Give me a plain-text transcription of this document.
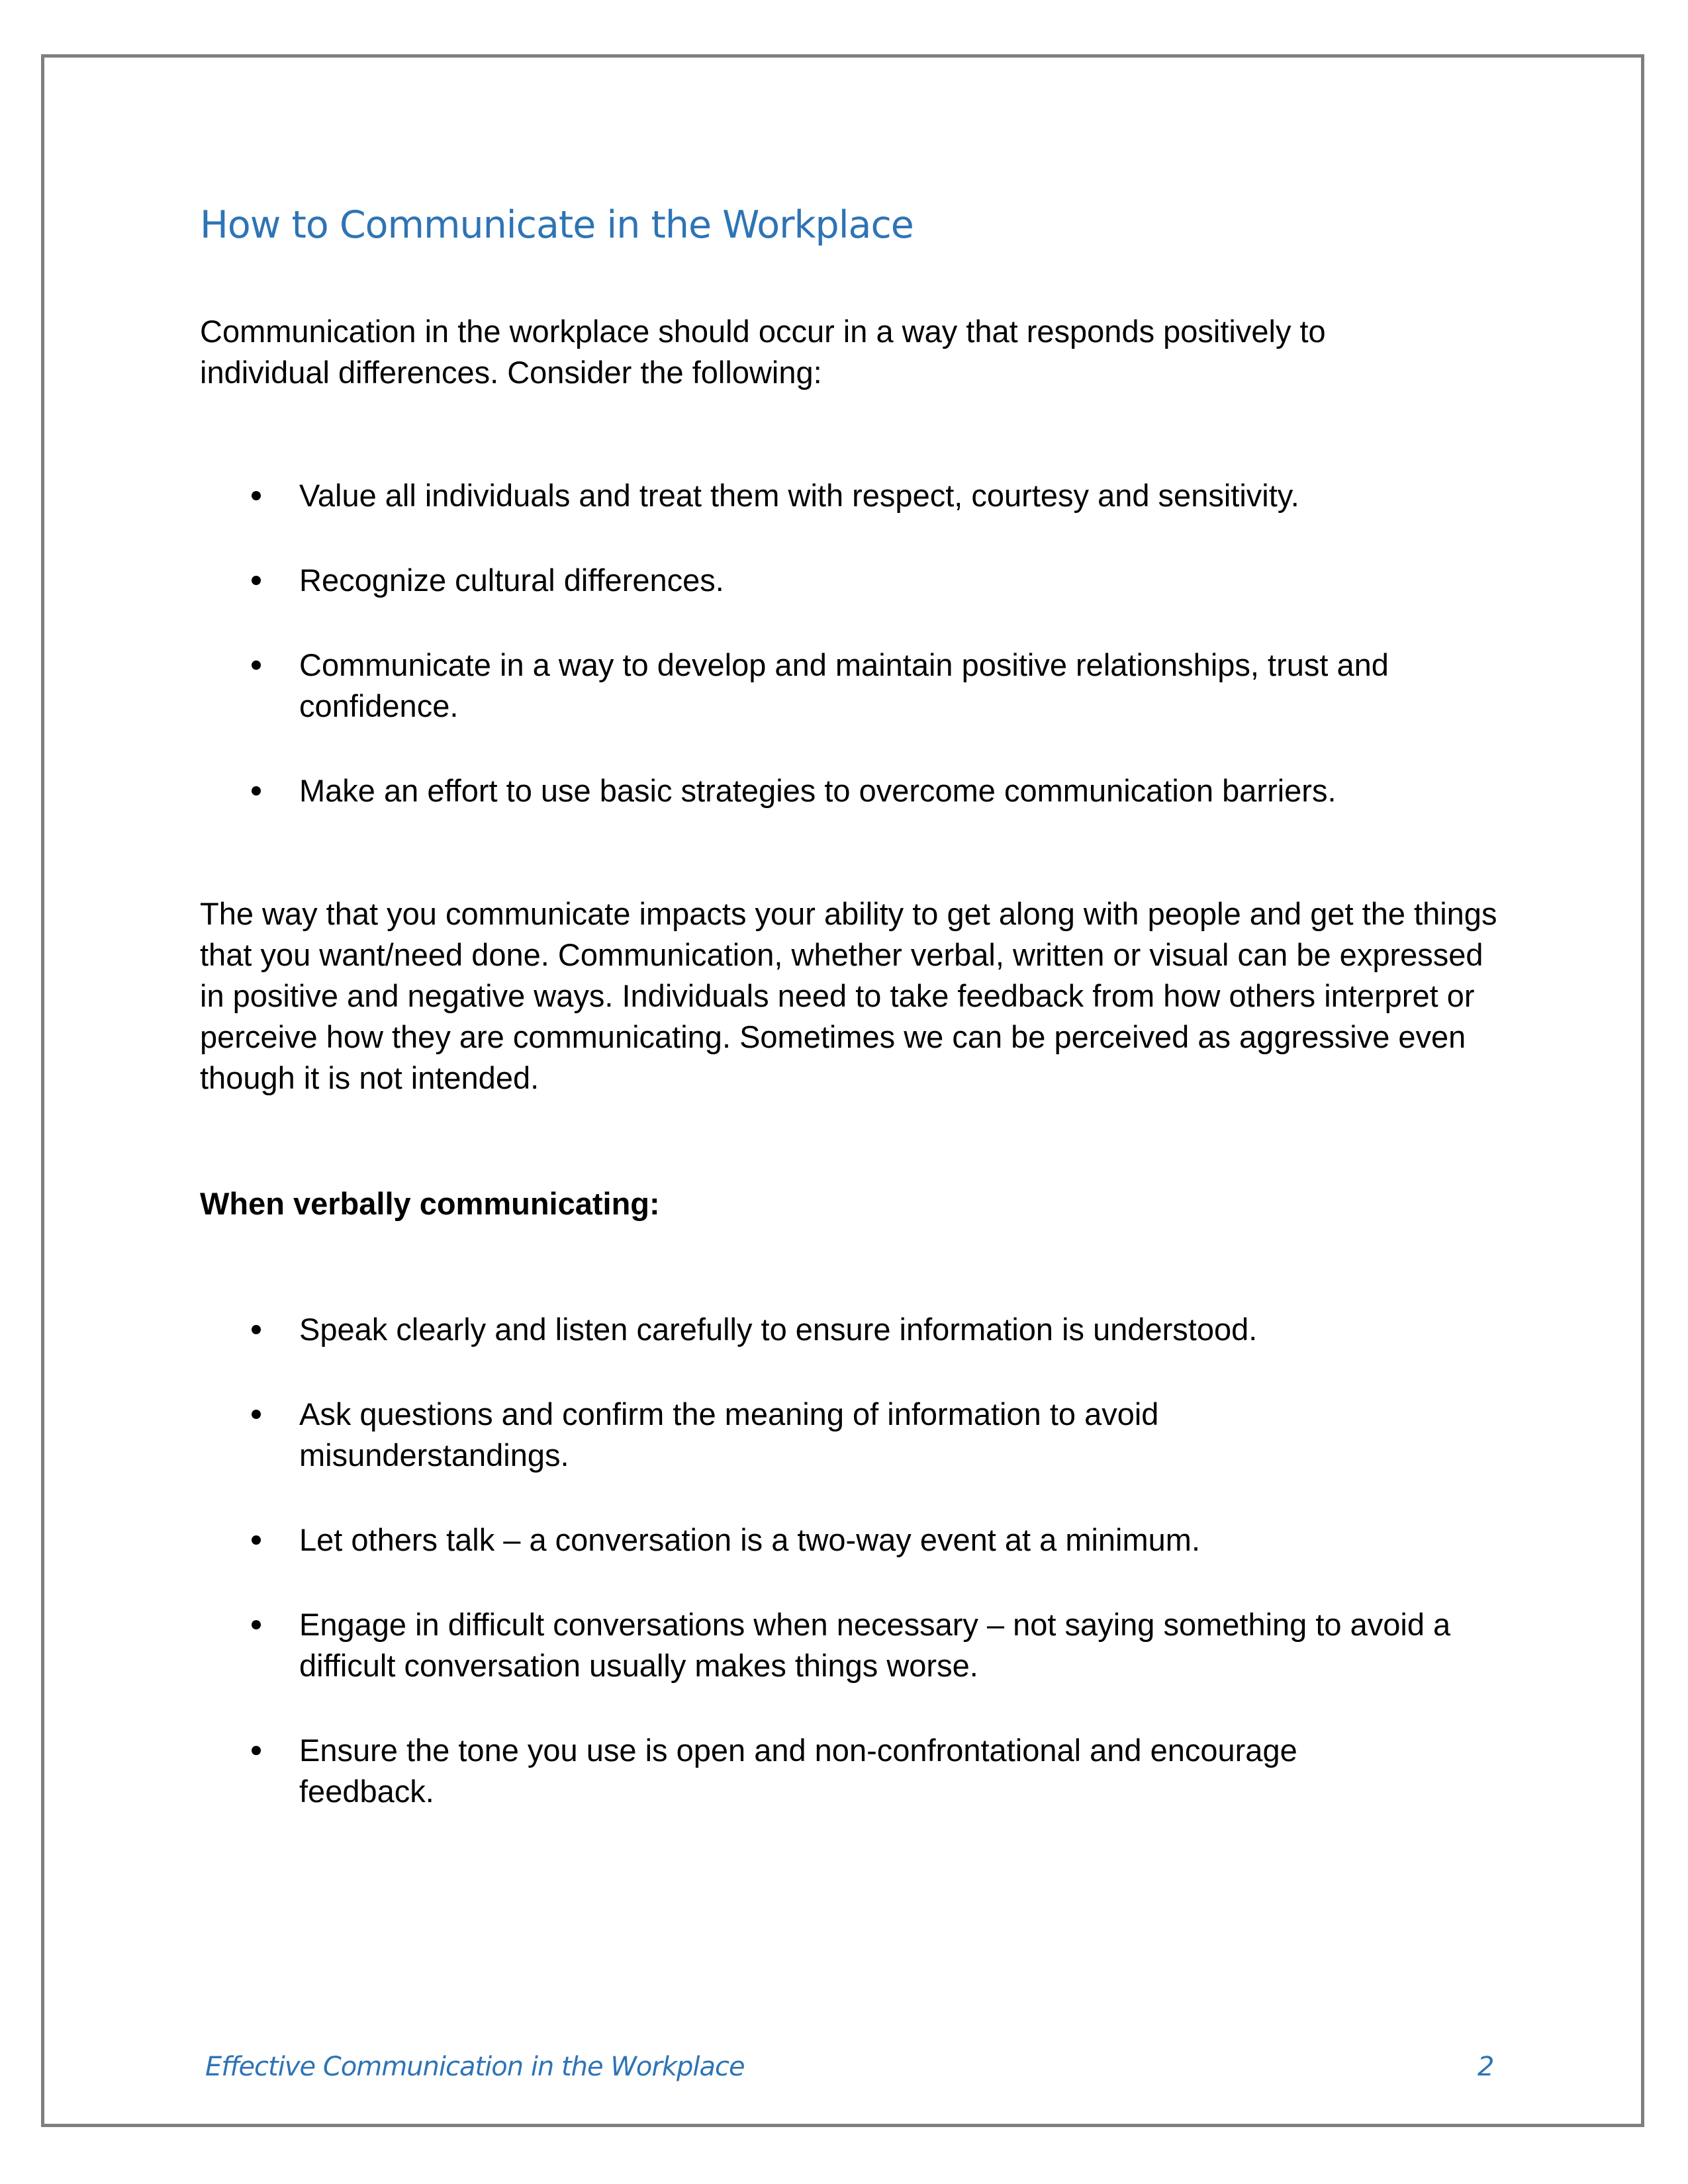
How to Communicate in the Workplace

Communication in the workplace should occur in a way that responds positively to individual differences. Consider the following:

Value all individuals and treat them with respect, courtesy and sensitivity.
Recognize cultural differences.
Communicate in a way to develop and maintain positive relationships, trust and confidence.
Make an effort to use basic strategies to overcome communication barriers.

The way that you communicate impacts your ability to get along with people and get the things that you want/need done. Communication, whether verbal, written or visual can be expressed in positive and negative ways. Individuals need to take feedback from how others interpret or perceive how they are communicating. Sometimes we can be perceived as aggressive even though it is not intended.

When verbally communicating:

Speak clearly and listen carefully to ensure information is understood.
Ask questions and confirm the meaning of information to avoid misunderstandings.
Let others talk – a conversation is a two-way event at a minimum.
Engage in difficult conversations when necessary – not saying something to avoid a difficult conversation usually makes things worse.
Ensure the tone you use is open and non-confrontational and encourage feedback.
Effective Communication in the Workplace	2
